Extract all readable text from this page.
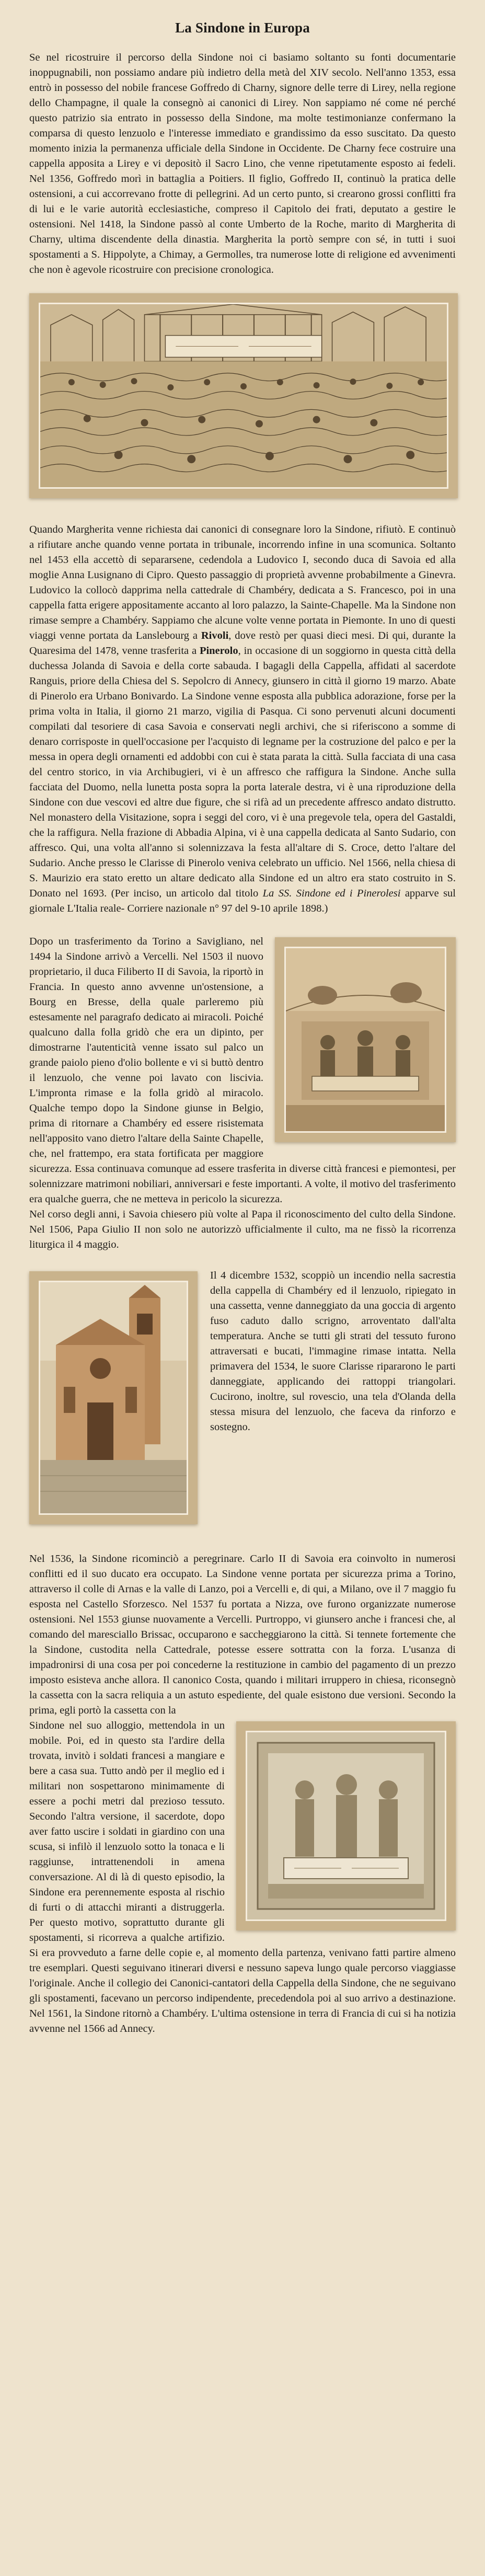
La Sindone in Europa

Se nel ricostruire il percorso della Sindone noi ci basiamo soltanto su fonti documentarie inoppugnabili, non possiamo andare più indietro della metà del XIV secolo. Nell'anno 1353, essa entrò in possesso del nobile francese Goffredo di Charny, signore delle terre di Lirey, nella regione dello Champagne, il quale la consegnò ai canonici di Lirey. Non sappiamo né come né perché questo patrizio sia entrato in possesso della Sindone, ma molte testimonianze confermano la comparsa di questo lenzuolo e l'interesse immediato e grandissimo da esso suscitato. Da questo momento inizia la permanenza ufficiale della Sindone in Occidente. De Charny fece costruire una cappella apposita a Lirey e vi depositò il Sacro Lino, che venne ripetutamente esposto ai fedeli. Nel 1356, Goffredo morì in battaglia a Poitiers. Il figlio, Goffredo II, continuò la pratica delle ostensioni, a cui accorrevano frotte di pellegrini. Ad un certo punto, si crearono grossi conflitti fra di lui e le varie autorità ecclesiastiche, compreso il Capitolo dei frati, deputato a gestire le ostensioni. Nel 1418, la Sindone passò al conte Umberto de la Roche, marito di Margherita di Charny, ultima discendente della dinastia. Margherita la portò sempre con sé, in tutti i suoi spostamenti a S. Hippolyte, a Chimay, a Germolles, tra numerose lotte di religione ed avvenimenti che non è agevole ricostruire con precisione cronologica.

Quando Margherita venne richiesta dai canonici di consegnare loro la Sindone, rifiutò. E continuò a rifiutare anche quando venne portata in tribunale, incorrendo infine in una scomunica. Soltanto nel 1453 ella accettò di separarsene, cedendola a Ludovico I, secondo duca di Savoia ed alla moglie Anna Lusignano di Cipro. Questo passaggio di proprietà avvenne probabilmente a Ginevra. Ludovico la collocò dapprima nella cattedrale di Chambéry, dedicata a S. Francesco, poi in una cappella fatta erigere appositamente accanto al loro palazzo, la Sainte-Chapelle. Ma la Sindone non rimase sempre a Chambéry. Sappiamo che alcune volte venne portata in Piemonte. In uno di questi viaggi venne portata da Lanslebourg a Rivoli, dove restò per quasi dieci mesi. Di qui, durante la Quaresima del 1478, venne trasferita a Pinerolo, in occasione di un soggiorno in questa città della duchessa Jolanda di Savoia e della corte sabauda. I bagagli della Cappella, affidati al sacerdote Ranguis, priore della Chiesa del S. Sepolcro di Annecy, giunsero in città il giorno 19 marzo. Abate di Pinerolo era Urbano Bonivardo. La Sindone venne esposta alla pubblica adorazione, forse per la prima volta in Italia, il giorno 21 marzo, vigilia di Pasqua. Ci sono pervenuti alcuni documenti compilati dal tesoriere di casa Savoia e conservati negli archivi, che si riferiscono a somme di denaro corrisposte in quell'occasione per l'acquisto di legname per la costruzione del palco e per la messa in opera degli ornamenti ed addobbi con cui è stata parata la città. Sulla facciata di una casa del centro storico, in via Archibugieri, vi è un affresco che raffigura la Sindone. Anche sulla facciata del Duomo, nella lunetta posta sopra la porta laterale destra, vi è una riproduzione della Sindone con due vescovi ed altre due figure, che si rifà ad un precedente affresco andato distrutto. Nel monastero della Visitazione, sopra i seggi del coro, vi è una pregevole tela, opera del Gastaldi, che la raffigura. Nella frazione di Abbadia Alpina, vi è una cappella dedicata al Santo Sudario, con affresco. Qui, una volta all'anno si solennizzava la festa all'altare di S. Croce, detto l'altare del Sudario. Anche presso le Clarisse di Pinerolo veniva celebrato un ufficio. Nel 1566, nella chiesa di S. Maurizio era stato eretto un altare dedicato alla Sindone ed un altro era stato costruito in S. Donato nel 1693. (Per inciso, un articolo dal titolo La SS. Sindone ed i Pinerolesi apparve sul giornale L'Italia reale- Corriere nazionale n° 97 del 9-10 aprile 1898.)

Dopo un trasferimento da Torino a Savigliano, nel 1494 la Sindone arrivò a Vercelli. Nel 1503 il nuovo proprietario, il duca Filiberto II di Savoia, la riportò in Francia. In questo anno avvenne un'ostensione, a Bourg en Bresse, della quale parleremo più estesamente nel paragrafo dedicato ai miracoli. Poiché qualcuno dalla folla gridò che era un dipinto, per dimostrarne l'autenticità venne issato sul palco un grande paiolo pieno d'olio bollente e vi si buttò dentro il lenzuolo, che venne poi lavato con liscivia. L'impronta rimase e la folla gridò al miracolo. Qualche tempo dopo la Sindone giunse in Belgio, prima di ritornare a Chambéry ed essere risistemata nell'apposito vano dietro l'altare della Sainte Chapelle, che, nel frattempo, era stata fortificata per maggiore sicurezza. Essa continuava comunque ad essere trasferita in diverse città francesi e piemontesi, per solennizzare matrimoni nobiliari, anniversari e feste importanti. A volte, il motivo del trasferimento era qualche guerra, che ne metteva in pericolo la sicurezza.

Nel corso degli anni, i Savoia chiesero più volte al Papa il riconoscimento del culto della Sindone. Nel 1506, Papa Giulio II non solo ne autorizzò ufficialmente il culto, ma ne fissò la ricorrenza liturgica il 4 maggio.

Il 4 dicembre 1532, scoppiò un incendio nella sacrestia della cappella di Chambéry ed il lenzuolo, ripiegato in una cassetta, venne danneggiato da una goccia di argento fuso caduto dallo scrigno, arroventato dall'alta temperatura. Anche se tutti gli strati del tessuto furono attraversati e bucati, l'immagine rimase intatta. Nella primavera del 1534, le suore Clarisse ripararono le parti danneggiate, applicando dei rattoppi triangolari. Cucirono, inoltre, sul rovescio, una tela d'Olanda della stessa misura del lenzuolo, che faceva da rinforzo e sostegno.

Nel 1536, la Sindone ricominciò a peregrinare. Carlo II di Savoia era coinvolto in numerosi conflitti ed il suo ducato era occupato. La Sindone venne portata per sicurezza prima a Torino, attraverso il colle di Arnas e la valle di Lanzo, poi a Vercelli e, di qui, a Milano, ove il 7 maggio fu esposta nel Castello Sforzesco. Nel 1537 fu portata a Nizza, ove furono organizzate numerose ostensioni. Nel 1553 giunse nuovamente a Vercelli. Purtroppo, vi giunsero anche i francesi che, al comando del maresciallo Brissac, occuparono e saccheggiarono la città. Si tennete fortemente che la Sindone, custodita nella Cattedrale, potesse essere sottratta con la forza. L'usanza di impadronirsi di una cosa per poi concederne la restituzione in cambio del pagamento di un prezzo imposto esisteva anche allora. Il canonico Costa, quando i militari irruppero in chiesa, riconsegnò la cassetta con la sacra reliquia a un astuto espediente, del quale esistono due versioni. Secondo la prima, egli portò la cassetta con la

Sindone nel suo alloggio, mettendola in un mobile. Poi, ed in questo sta l'ardire della trovata, invitò i soldati francesi a mangiare e bere a casa sua. Tutto andò per il meglio ed i militari non sospettarono minimamente di essere a pochi metri dal prezioso tessuto. Secondo l'altra versione, il sacerdote, dopo aver fatto uscire i soldati in giardino con una scusa, si infilò il lenzuolo sotto la tonaca e li raggiunse, intrattenendoli in amena conversazione. Al di là di questo episodio, la Sindone era perennemente esposta al rischio di furti o di attacchi miranti a distruggerla. Per questo motivo, soprattutto durante gli spostamenti, si ricorreva a qualche artifizio. Si era provveduto a farne delle copie e, al momento della partenza, venivano fatti partire almeno tre esemplari. Questi seguivano itinerari diversi e nessuno sapeva lungo quale percorso viaggiasse l'originale. Anche il collegio dei Canonici-cantatori della Cappella della Sindone, che ne seguivano gli spostamenti, facevano un percorso indipendente, precedendola poi al suo arrivo a destinazione. Nel 1561, la Sindone ritornò a Chambéry. L'ultima ostensione in terra di Francia di cui si ha notizia avvenne nel 1566 ad Annecy.
